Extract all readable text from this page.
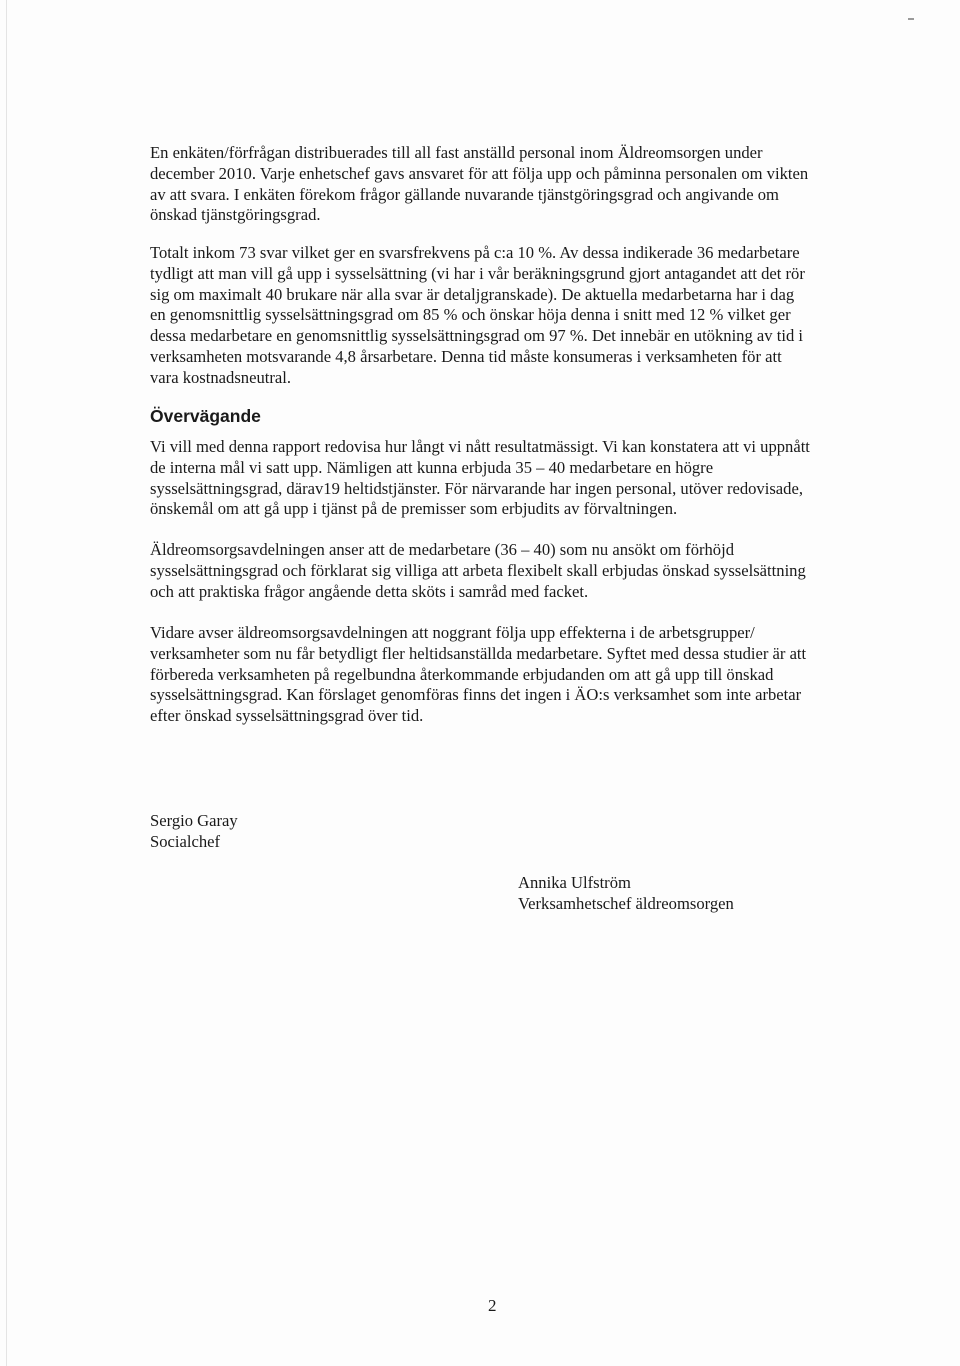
En enkäten/förfrågan distribuerades till all fast anställd personal inom Äldreomsorgen under
december 2010. Varje enhetschef gavs ansvaret för att följa upp och påminna personalen om vikten
av att svara. I enkäten förekom frågor gällande nuvarande tjänstgöringsgrad och angivande om
önskad tjänstgöringsgrad.

Totalt inkom 73 svar vilket ger en svarsfrekvens på c:a 10 %. Av dessa indikerade 36 medarbetare
tydligt att man vill gå upp i sysselsättning (vi har i vår beräkningsgrund gjort antagandet att det rör
sig om maximalt 40 brukare när alla svar är detaljgranskade). De aktuella medarbetarna har i dag
en genomsnittlig sysselsättningsgrad om 85 % och önskar höja denna i snitt med 12 % vilket ger
dessa medarbetare en genomsnittlig sysselsättningsgrad om 97 %. Det innebär en utökning av tid i
verksamheten motsvarande 4,8 årsarbetare. Denna tid måste konsumeras i verksamheten för att
vara kostnadsneutral.

Övervägande

Vi vill med denna rapport redovisa hur långt vi nått resultatmässigt. Vi kan konstatera att vi uppnått
de interna mål vi satt upp. Nämligen att kunna erbjuda 35 – 40 medarbetare en högre
sysselsättningsgrad, därav19 heltidstjänster. För närvarande har ingen personal, utöver redovisade,
önskemål om att gå upp i tjänst på de premisser som erbjudits av förvaltningen.

Äldreomsorgsavdelningen anser att de medarbetare (36 – 40) som nu ansökt om förhöjd
sysselsättningsgrad och förklarat sig villiga att arbeta flexibelt skall erbjudas önskad sysselsättning
och att praktiska frågor angående detta sköts i samråd med facket.

Vidare avser äldreomsorgsavdelningen att noggrant följa upp effekterna i de arbetsgrupper/
verksamheter som nu får betydligt fler heltidsanställda medarbetare. Syftet med dessa studier är att
förbereda verksamheten på regelbundna återkommande erbjudanden om att gå upp till önskad
sysselsättningsgrad. Kan förslaget genomföras finns det ingen i ÄO:s verksamhet som inte arbetar
efter önskad sysselsättningsgrad över tid.

Sergio Garay
Socialchef
Annika Ulfström
Verksamhetschef äldreomsorgen
2
